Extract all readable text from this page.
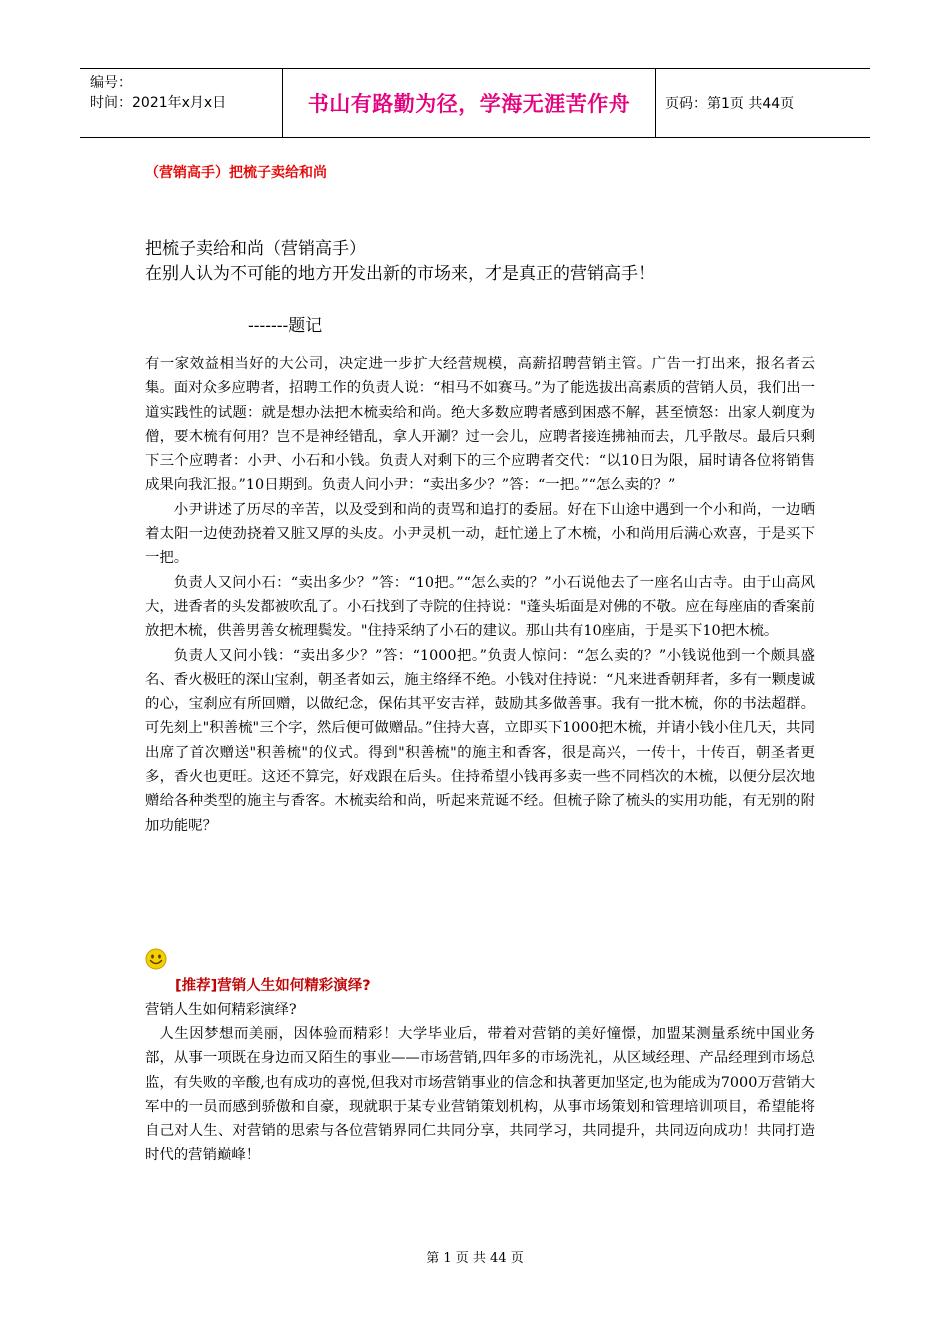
编号：
时间：2021年x月x日	书山有路勤为径，学海无涯苦作舟 页码：第1页 共44页
（营销高手）把梳子卖给和尚
把梳子卖给和尚（营销高手）
在别人认为不可能的地方开发出新的市场来，才是真正的营销高手！
-------题记

有一家效益相当好的大公司，决定进一步扩大经营规模，高薪招聘营销主管。广告一打出来，报名者云集。面对众多应聘者，招聘工作的负责人说：“相马不如赛马。”为了能选拔出高素质的营销人员，我们出一道实践性的试题：就是想办法把木梳卖给和尚。绝大多数应聘者感到困惑不解，甚至愤怒：出家人剃度为僧，要木梳有何用？岂不是神经错乱，拿人开涮？过一会儿，应聘者接连拂袖而去，几乎散尽。最后只剩下三个应聘者：小尹、小石和小钱。负责人对剩下的三个应聘者交代：“以10日为限，届时请各位将销售成果向我汇报。”10日期到。负责人问小尹：“卖出多少？”答：“一把。”“怎么卖的？”

小尹讲述了历尽的辛苦，以及受到和尚的责骂和追打的委屈。好在下山途中遇到一个小和尚，一边晒着太阳一边使劲挠着又脏又厚的头皮。小尹灵机一动，赶忙递上了木梳，小和尚用后满心欢喜，于是买下一把。

负责人又问小石：“卖出多少？”答：“10把。”“怎么卖的？”小石说他去了一座名山古寺。由于山高风大，进香者的头发都被吹乱了。小石找到了寺院的住持说："蓬头垢面是对佛的不敬。应在每座庙的香案前放把木梳，供善男善女梳理鬓发。"住持采纳了小石的建议。那山共有10座庙，于是买下10把木梳。

负责人又问小钱：“卖出多少？”答：“1000把。”负责人惊问：“怎么卖的？”小钱说他到一个颇具盛名、香火极旺的深山宝刹，朝圣者如云，施主络绎不绝。小钱对住持说：“凡来进香朝拜者，多有一颗虔诚的心，宝刹应有所回赠，以做纪念，保佑其平安吉祥，鼓励其多做善事。我有一批木梳，你的书法超群。可先刻上"积善梳"三个字，然后便可做赠品。”住持大喜，立即买下1000把木梳，并请小钱小住几天，共同出席了首次赠送"积善梳"的仪式。得到"积善梳"的施主和香客，很是高兴，一传十，十传百，朝圣者更多，香火也更旺。这还不算完，好戏跟在后头。住持希望小钱再多卖一些不同档次的木梳，以便分层次地赠给各种类型的施主与香客。木梳卖给和尚，听起来荒诞不经。但梳子除了梳头的实用功能，有无别的附加功能呢？

[推荐]营销人生如何精彩演绎?
营销人生如何精彩演绎?

人生因梦想而美丽，因体验而精彩！大学毕业后，带着对营销的美好憧憬，加盟某测量系统中国业务部，从事一项既在身边而又陌生的事业——市场营销,四年多的市场洗礼，从区域经理、产品经理到市场总监，有失败的辛酸,也有成功的喜悦,但我对市场营销事业的信念和执著更加坚定,也为能成为7000万营销大军中的一员而感到骄傲和自豪，现就职于某专业营销策划机构，从事市场策划和管理培训项目，希望能将自己对人生、对营销的思索与各位营销界同仁共同分享，共同学习，共同提升，共同迈向成功！共同打造时代的营销巅峰！

第 1 页 共 44 页
